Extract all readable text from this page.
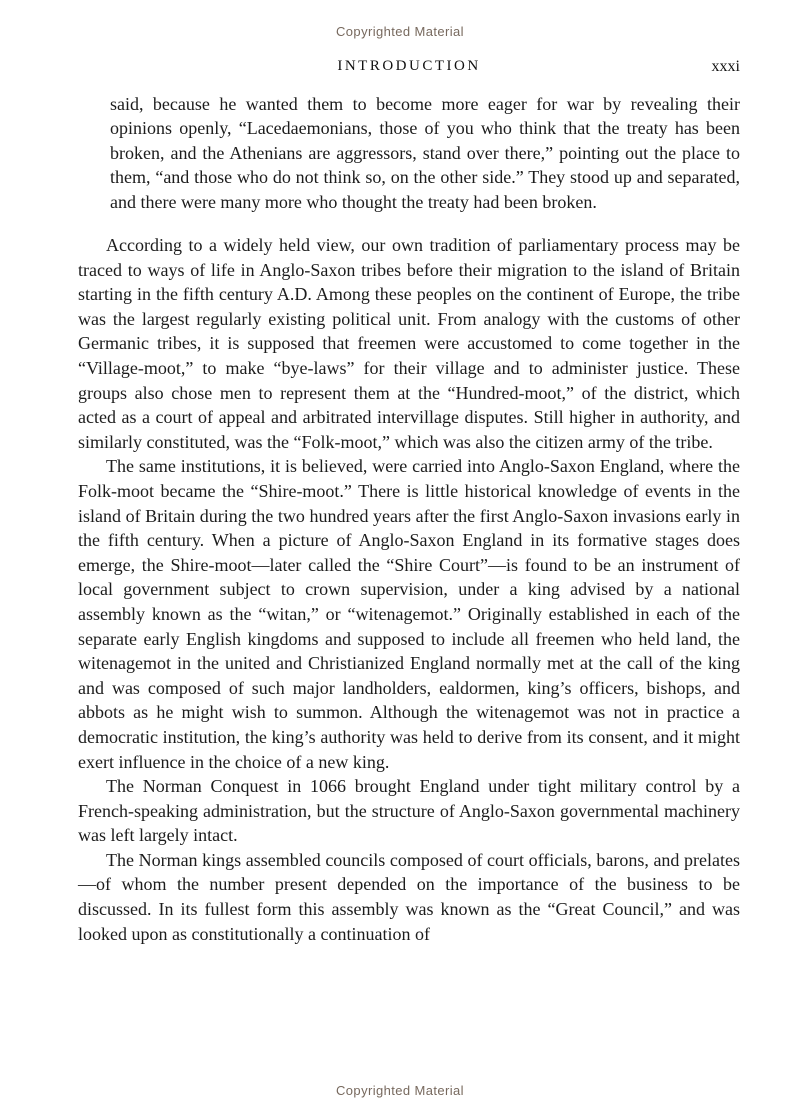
Copyrighted Material
INTRODUCTION	xxxi

said, because he wanted them to become more eager for war by revealing their opinions openly, “Lacedaemonians, those of you who think that the treaty has been broken, and the Athenians are aggressors, stand over there,” pointing out the place to them, “and those who do not think so, on the other side.” They stood up and separated, and there were many more who thought the treaty had been broken.

According to a widely held view, our own tradition of parliamentary process may be traced to ways of life in Anglo-Saxon tribes before their migration to the island of Britain starting in the fifth century A.D. Among these peoples on the continent of Europe, the tribe was the largest regularly existing political unit. From analogy with the customs of other Germanic tribes, it is supposed that freemen were accustomed to come together in the “Village-moot,” to make “bye-laws” for their village and to administer justice. These groups also chose men to represent them at the “Hundred-moot,” of the district, which acted as a court of appeal and arbitrated intervillage disputes. Still higher in authority, and similarly constituted, was the “Folk-moot,” which was also the citizen army of the tribe.

The same institutions, it is believed, were carried into Anglo-Saxon England, where the Folk-moot became the “Shire-moot.” There is little historical knowledge of events in the island of Britain during the two hundred years after the first Anglo-Saxon invasions early in the fifth century. When a picture of Anglo-Saxon England in its formative stages does emerge, the Shire-moot—later called the “Shire Court”—is found to be an instrument of local government subject to crown supervision, under a king advised by a national assembly known as the “witan,” or “witenagemot.” Originally established in each of the separate early English kingdoms and supposed to include all freemen who held land, the witenagemot in the united and Christianized England normally met at the call of the king and was composed of such major landholders, ealdormen, king’s officers, bishops, and abbots as he might wish to summon. Although the witenagemot was not in practice a democratic institution, the king’s authority was held to derive from its consent, and it might exert influence in the choice of a new king.

The Norman Conquest in 1066 brought England under tight military control by a French-speaking administration, but the structure of Anglo-Saxon governmental machinery was left largely intact.

The Norman kings assembled councils composed of court officials, barons, and prelates—of whom the number present depended on the importance of the business to be discussed. In its fullest form this assembly was known as the “Great Council,” and was looked upon as constitutionally a continuation of

Copyrighted Material
